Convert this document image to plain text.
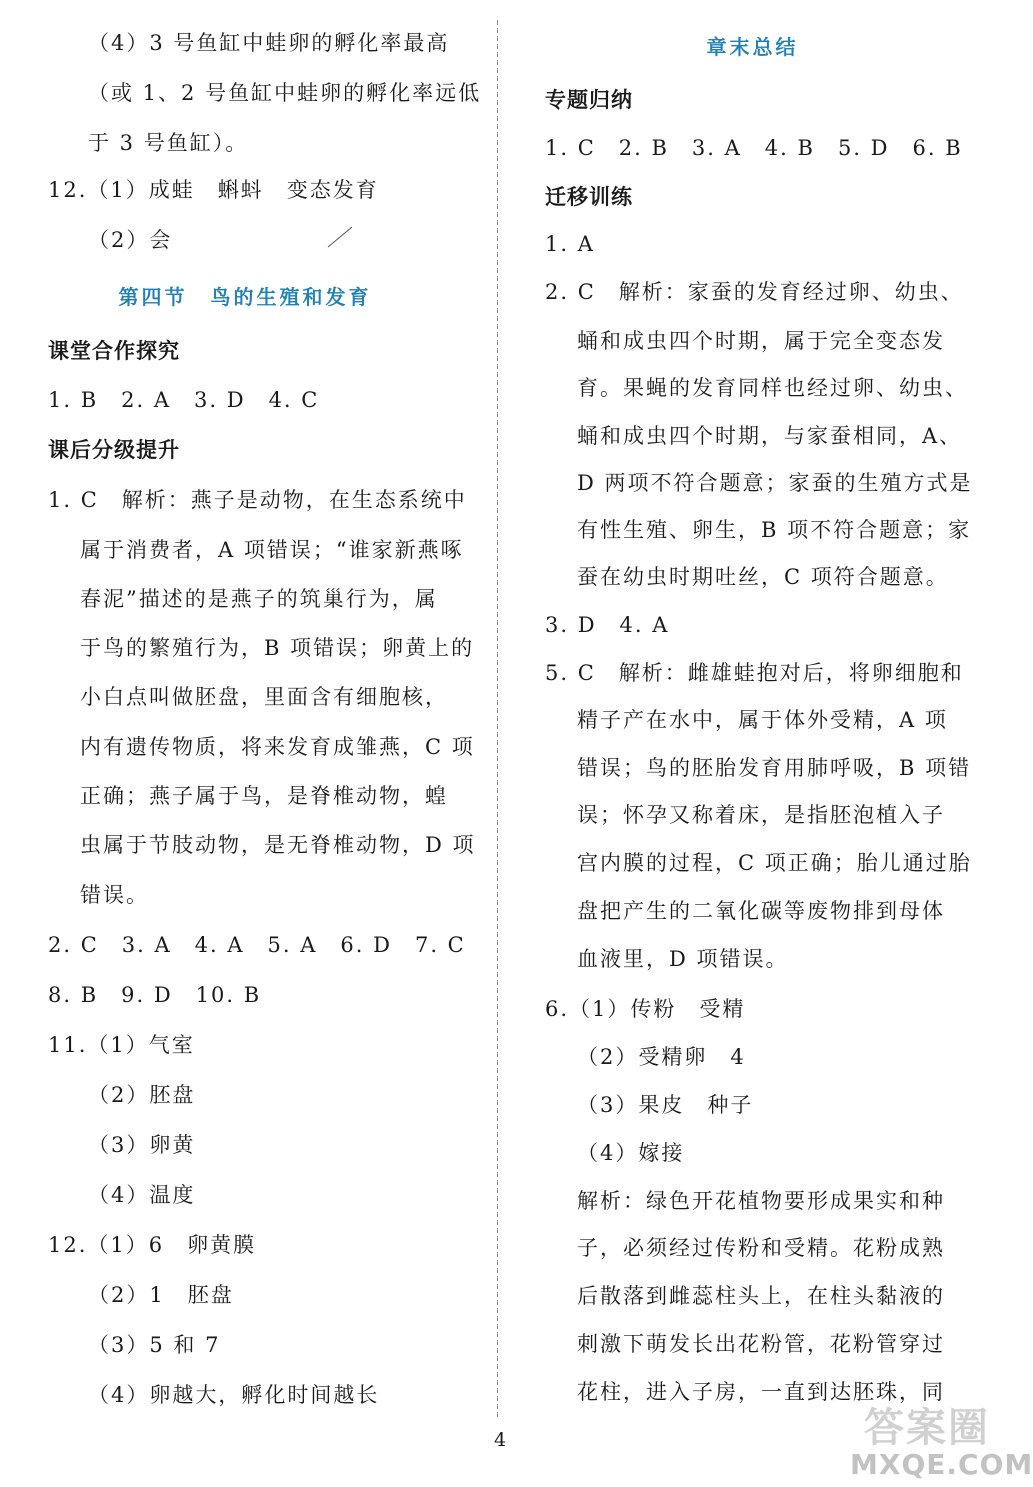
（4）3 号鱼缸中蛙卵的孵化率最高
（或 1、2 号鱼缸中蛙卵的孵化率远低
于 3 号鱼缸）。
12.（1）成蛙　蝌蚪　变态发育
（2）会
第四节　鸟的生殖和发育
课堂合作探究
1. B　2. A　3. D　4. C
课后分级提升
1. C　解析：燕子是动物，在生态系统中
属于消费者，A 项错误；“谁家新燕啄
春泥”描述的是燕子的筑巢行为，属
于鸟的繁殖行为，B 项错误；卵黄上的
小白点叫做胚盘，里面含有细胞核，
内有遗传物质，将来发育成雏燕，C 项
正确；燕子属于鸟，是脊椎动物，蝗
虫属于节肢动物，是无脊椎动物，D 项
错误。
2. C　3. A　4. A　5. A　6. D　7. C
8. B　9. D　10. B
11.（1）气室
（2）胚盘
（3）卵黄
（4）温度
12.（1）6　卵黄膜
（2）1　胚盘
（3）5 和 7
（4）卵越大，孵化时间越长
章末总结
专题归纳
1. C　2. B　3. A　4. B　5. D　6. B
迁移训练
1. A
2. C　解析：家蚕的发育经过卵、幼虫、
蛹和成虫四个时期，属于完全变态发
育。果蝇的发育同样也经过卵、幼虫、
蛹和成虫四个时期，与家蚕相同，A、
D 两项不符合题意；家蚕的生殖方式是
有性生殖、卵生，B 项不符合题意；家
蚕在幼虫时期吐丝，C 项符合题意。
3. D　4. A
5. C　解析：雌雄蛙抱对后，将卵细胞和
精子产在水中，属于体外受精，A 项
错误；鸟的胚胎发育用肺呼吸，B 项错
误；怀孕又称着床，是指胚泡植入子
宫内膜的过程，C 项正确；胎儿通过胎
盘把产生的二氧化碳等废物排到母体
血液里，D 项错误。
6.（1）传粉　受精
（2）受精卵　4
（3）果皮　种子
（4）嫁接
解析：绿色开花植物要形成果实和种
子，必须经过传粉和受精。花粉成熟
后散落到雌蕊柱头上，在柱头黏液的
刺激下萌发长出花粉管，花粉管穿过
花柱，进入子房，一直到达胚珠，同
4	答案圈
MXQE.COM
